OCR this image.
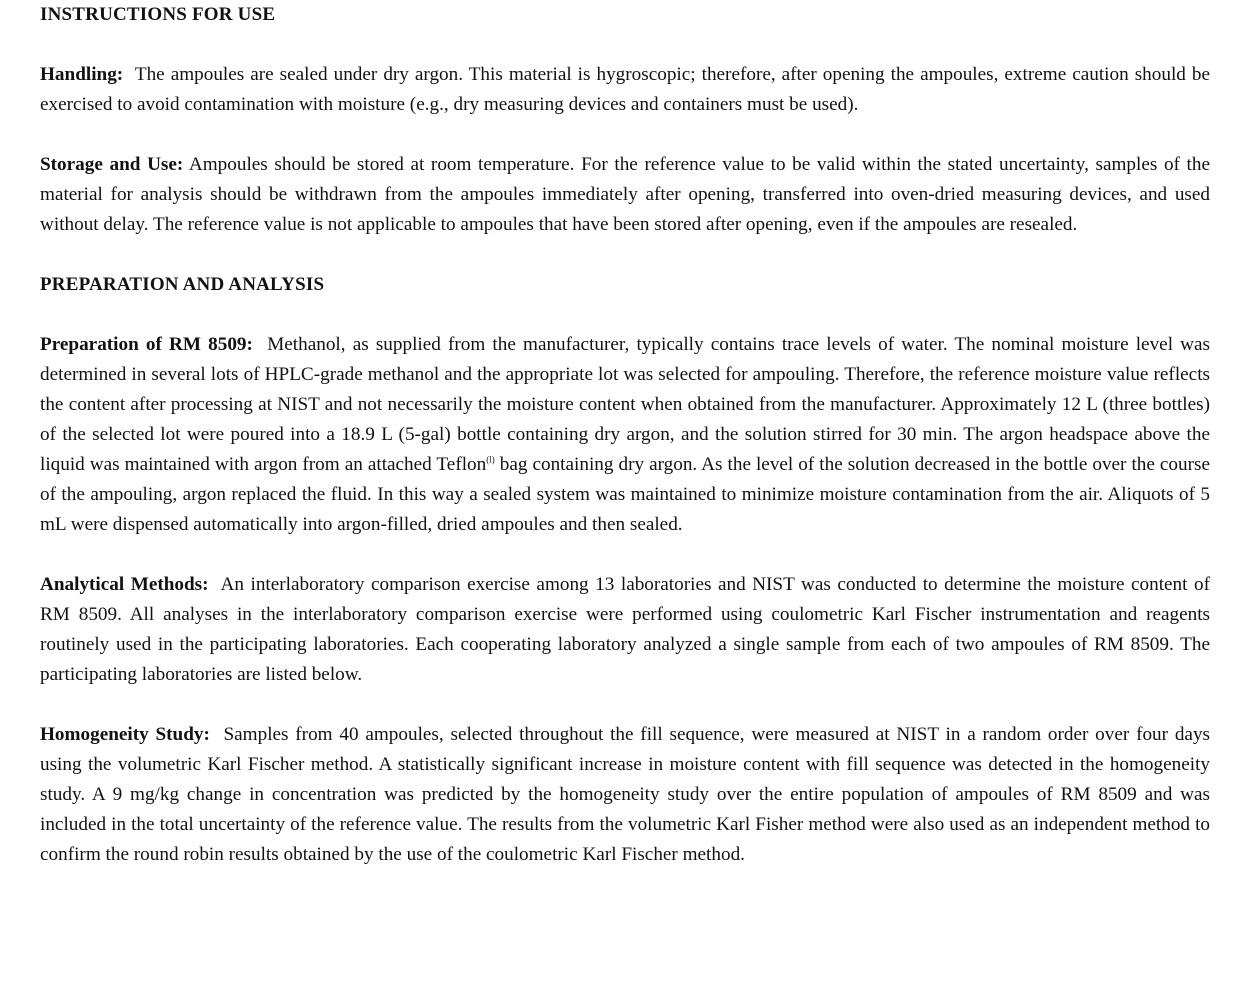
INSTRUCTIONS FOR USE

Handling: The ampoules are sealed under dry argon. This material is hygroscopic; therefore, after opening the ampoules, extreme caution should be exercised to avoid contamination with moisture (e.g., dry measuring devices and containers must be used).

Storage and Use: Ampoules should be stored at room temperature. For the reference value to be valid within the stated uncertainty, samples of the material for analysis should be withdrawn from the ampoules immediately after opening, transferred into oven-dried measuring devices, and used without delay. The reference value is not applicable to ampoules that have been stored after opening, even if the ampoules are resealed.

PREPARATION AND ANALYSIS

Preparation of RM 8509: Methanol, as supplied from the manufacturer, typically contains trace levels of water. The nominal moisture level was determined in several lots of HPLC-grade methanol and the appropriate lot was selected for ampouling. Therefore, the reference moisture value reflects the content after processing at NIST and not necessarily the moisture content when obtained from the manufacturer. Approximately 12 L (three bottles) of the selected lot were poured into a 18.9 L (5-gal) bottle containing dry argon, and the solution stirred for 30 min. The argon headspace above the liquid was maintained with argon from an attached Teflon$^{(l)}$ bag containing dry argon. As the level of the solution decreased in the bottle over the course of the ampouling, argon replaced the fluid. In this way a sealed system was maintained to minimize moisture contamination from the air. Aliquots of 5 mL were dispensed automatically into argon-filled, dried ampoules and then sealed.

Analytical Methods: An interlaboratory comparison exercise among 13 laboratories and NIST was conducted to determine the moisture content of RM 8509. All analyses in the interlaboratory comparison exercise were performed using coulometric Karl Fischer instrumentation and reagents routinely used in the participating laboratories. Each cooperating laboratory analyzed a single sample from each of two ampoules of RM 8509. The participating laboratories are listed below.

Homogeneity Study: Samples from 40 ampoules, selected throughout the fill sequence, were measured at NIST in a random order over four days using the volumetric Karl Fischer method. A statistically significant increase in moisture content with fill sequence was detected in the homogeneity study. A 9 mg/kg change in concentration was predicted by the homogeneity study over the entire population of ampoules of RM 8509 and was included in the total uncertainty of the reference value. The results from the volumetric Karl Fisher method were also used as an independent method to confirm the round robin results obtained by the use of the coulometric Karl Fischer method.
